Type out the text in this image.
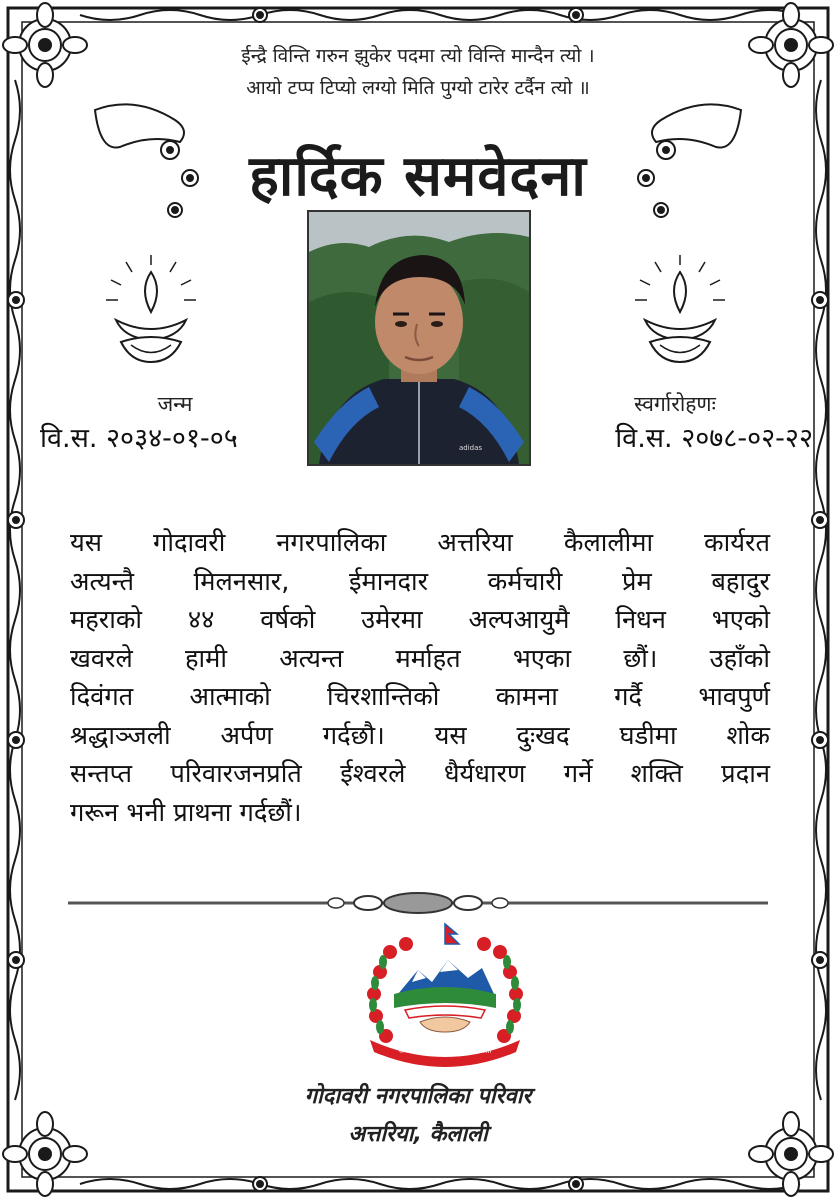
ईन्द्रै विन्ति गरुन झुकेर पदमा त्यो विन्ति मान्दैन त्यो ।
आयो टप्प टिप्यो लग्यो मिति पुग्यो टारेर टर्दैन त्यो ॥
हार्दिक समवेदना
adidas
जन्म
वि.स. २०३४-०१-०५
स्वर्गारोहणः
वि.स. २०७८-०२-२२
यस गोदावरी नगरपालिका अत्तरिया कैलालीमा कार्यरत
अत्यन्तै मिलनसार, ईमानदार कर्मचारी प्रेम बहादुर
महराको ४४ वर्षको उमेरमा अल्पआयुमै निधन भएको
खवरले हामी अत्यन्त मर्माहत भएका छौं। उहाँको
दिवंगत आत्माको चिरशान्तिको कामना गर्दै भावपुर्ण
श्रद्धाञ्जली अर्पण गर्दछौ। यस दुःखद घडीमा शोक
सन्तप्त परिवारजनप्रति ईश्वरले धैर्यधारण गर्ने शक्ति प्रदान
गरून भनी प्राथना गर्दछौं।
जननी जन्मभूमिश्च स्वर्गादपि गरीयसी
गोदावरी नगरपालिका परिवार
अत्तरिया, कैलाली
